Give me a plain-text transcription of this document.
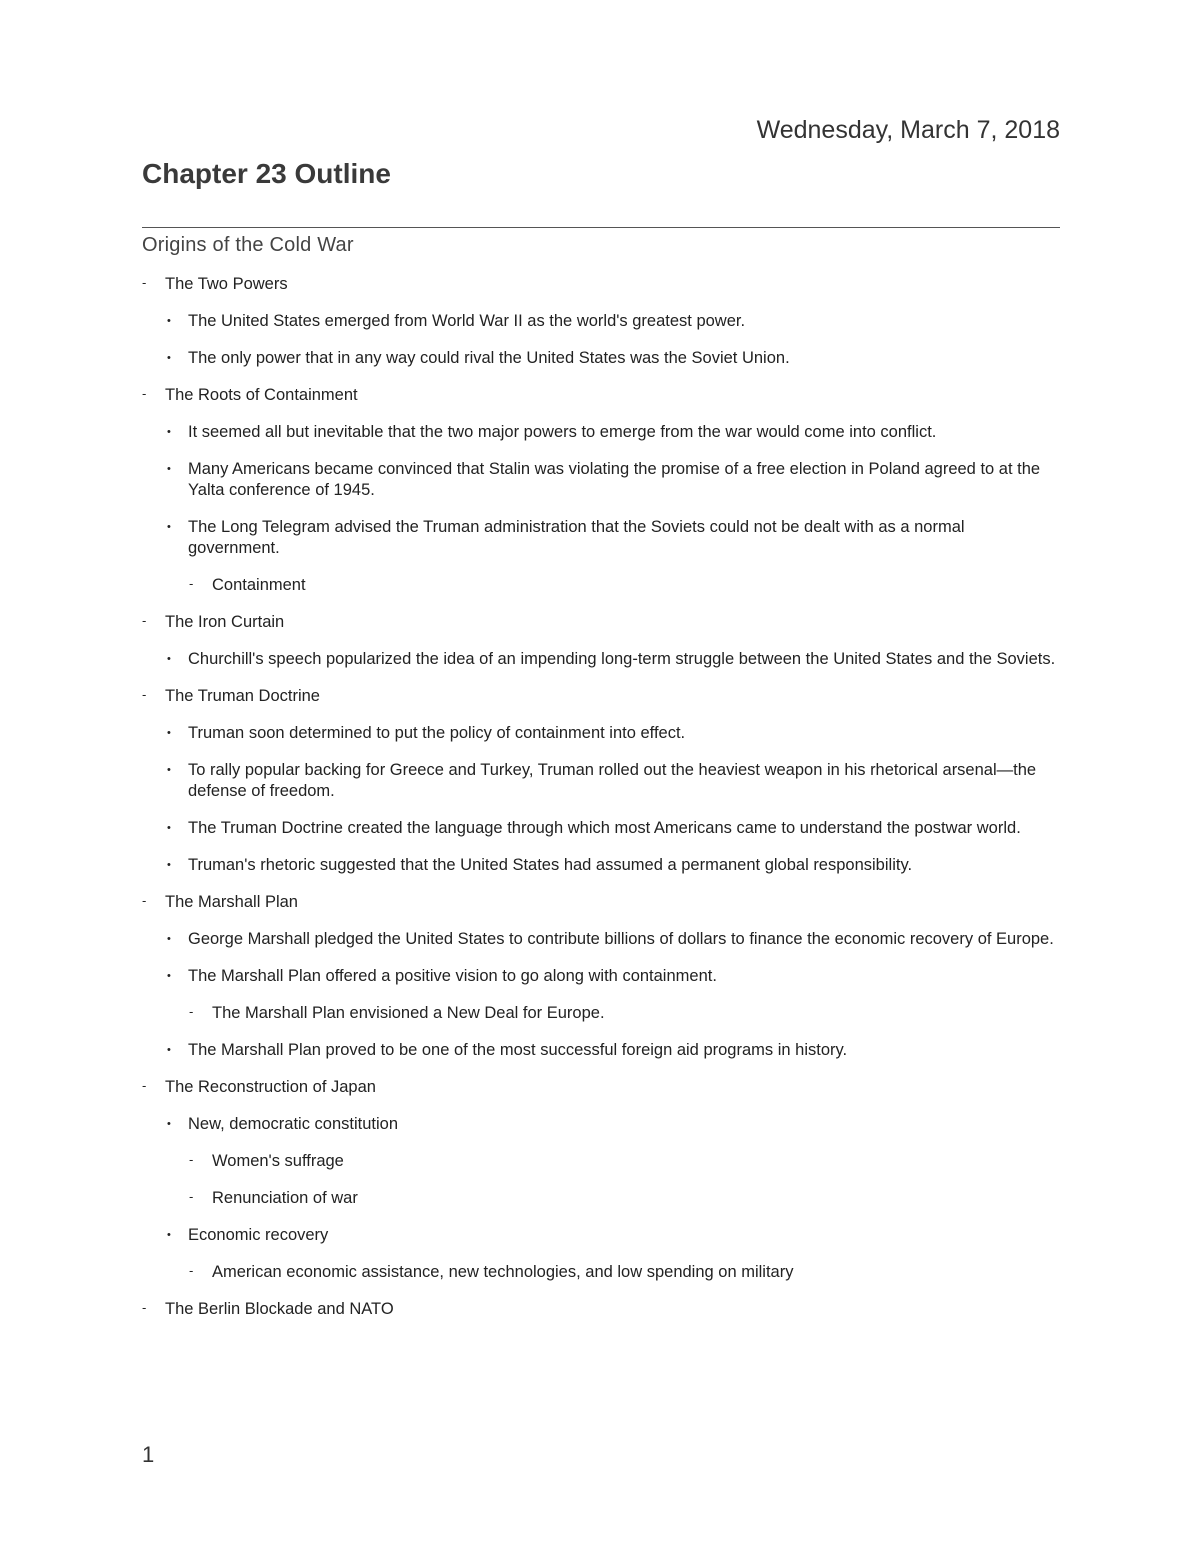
Wednesday, March 7, 2018
Chapter 23 Outline
Origins of the Cold War
- The Two Powers
• The United States emerged from World War II as the world's greatest power.
• The only power that in any way could rival the United States was the Soviet Union.
- The Roots of Containment
• It seemed all but inevitable that the two major powers to emerge from the war would come into conflict.
• Many Americans became convinced that Stalin was violating the promise of a free election in Poland agreed to at the Yalta conference of 1945.
• The Long Telegram advised the Truman administration that the Soviets could not be dealt with as a normal government.
- Containment
- The Iron Curtain
• Churchill's speech popularized the idea of an impending long-term struggle between the United States and the Soviets.
- The Truman Doctrine
• Truman soon determined to put the policy of containment into effect.
• To rally popular backing for Greece and Turkey, Truman rolled out the heaviest weapon in his rhetorical arsenal—the defense of freedom.
• The Truman Doctrine created the language through which most Americans came to understand the postwar world.
• Truman's rhetoric suggested that the United States had assumed a permanent global responsibility.
- The Marshall Plan
• George Marshall pledged the United States to contribute billions of dollars to finance the economic recovery of Europe.
• The Marshall Plan offered a positive vision to go along with containment.
- The Marshall Plan envisioned a New Deal for Europe.
• The Marshall Plan proved to be one of the most successful foreign aid programs in history.
- The Reconstruction of Japan
• New, democratic constitution
- Women's suffrage
- Renunciation of war
• Economic recovery
- American economic assistance, new technologies, and low spending on military
- The Berlin Blockade and NATO
1
